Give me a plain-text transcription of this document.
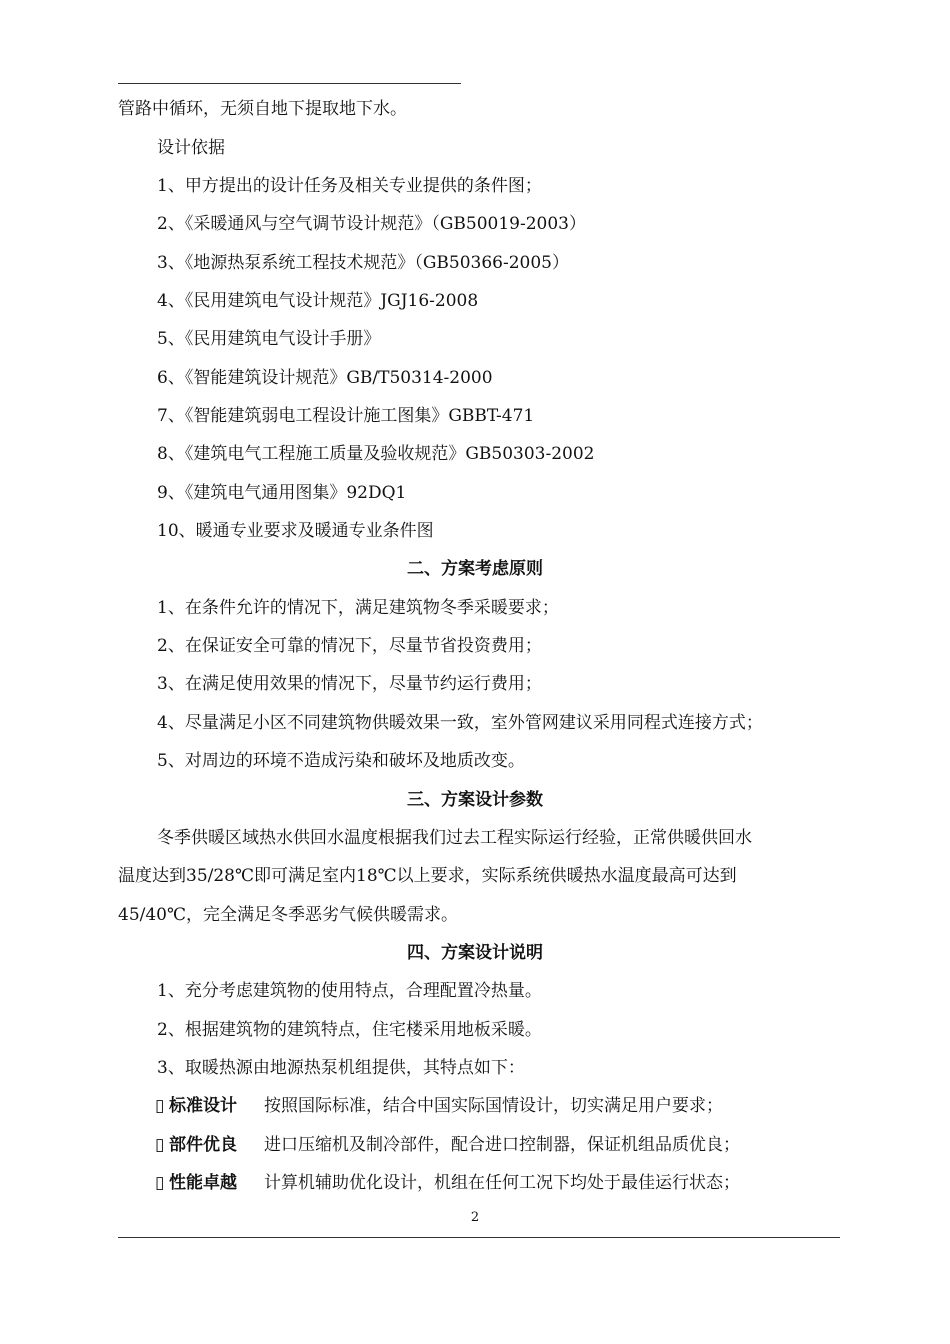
管路中循环，无须自地下提取地下水。
设计依据
1、甲方提出的设计任务及相关专业提供的条件图；
2、《采暖通风与空气调节设计规范》（GB50019-2003）
3、《地源热泵系统工程技术规范》（GB50366-2005）
4、《民用建筑电气设计规范》JGJ16-2008
5、《民用建筑电气设计手册》
6、《智能建筑设计规范》GB/T50314-2000
7、《智能建筑弱电工程设计施工图集》GBBT-471
8、《建筑电气工程施工质量及验收规范》GB50303-2002
9、《建筑电气通用图集》92DQ1
10、暖通专业要求及暖通专业条件图
二、方案考虑原则
1、在条件允许的情况下，满足建筑物冬季采暖要求；
2、在保证安全可靠的情况下，尽量节省投资费用；
3、在满足使用效果的情况下，尽量节约运行费用；
4、尽量满足小区不同建筑物供暖效果一致，室外管网建议采用同程式连接方式；
5、对周边的环境不造成污染和破坏及地质改变。
三、方案设计参数
冬季供暖区域热水供回水温度根据我们过去工程实际运行经验，正常供暖供回水
温度达到35/28℃即可满足室内18℃以上要求，实际系统供暖热水温度最高可达到
45/40℃，完全满足冬季恶劣气候供暖需求。
四、方案设计说明
1、充分考虑建筑物的使用特点，合理配置冷热量。
2、根据建筑物的建筑特点，住宅楼采用地板采暖。
3、取暖热源由地源热泵机组提供，其特点如下：
▯ 标准设计 按照国际标准，结合中国实际国情设计，切实满足用户要求；
▯ 部件优良 进口压缩机及制冷部件，配合进口控制器，保证机组品质优良；
▯ 性能卓越 计算机辅助优化设计，机组在任何工况下均处于最佳运行状态；
2
